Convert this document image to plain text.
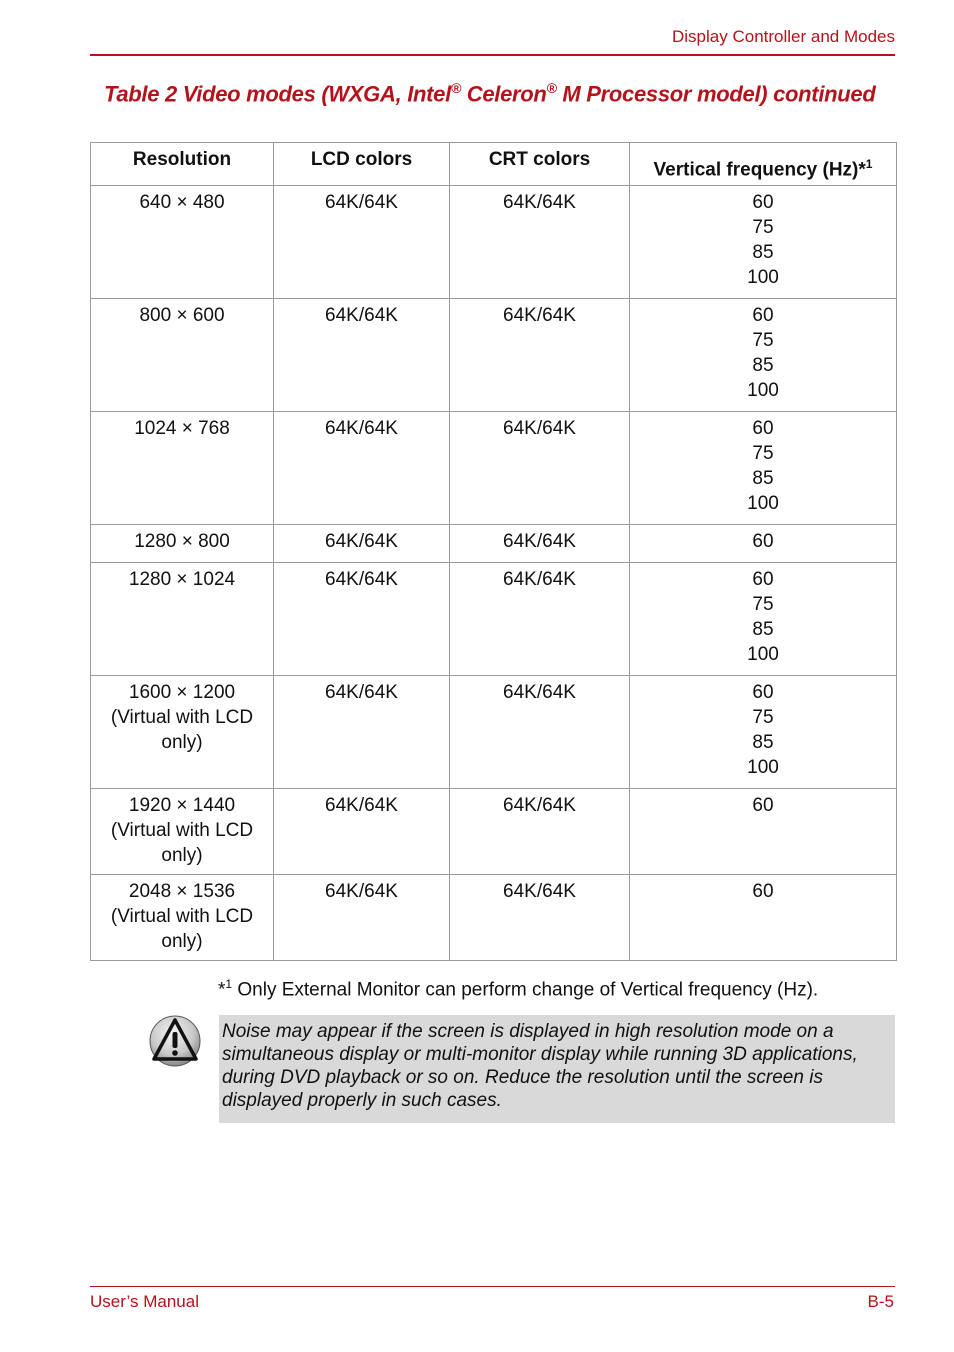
Display Controller and Modes
Table 2 Video modes (WXGA, Intel® Celeron® M Processor model) continued
Resolution	LCD colors	CRT colors	Vertical frequency (Hz)*$^1$
640 × 480	64K/64K	64K/64K	60
75
85
100

800 × 600	64K/64K	64K/64K	60
75
85
100

1024 × 768	64K/64K	64K/64K	60
75
85
100

1280 × 800	64K/64K	64K/64K	60

1280 × 1024	64K/64K	64K/64K	60
75
85
100

1600 × 1200
(Virtual with LCD
only)	64K/64K	64K/64K	60
75
85
100

1920 × 1440
(Virtual with LCD
only)	64K/64K	64K/64K	60

2048 × 1536
(Virtual with LCD
only)	64K/64K	64K/64K	60
*$^1$ Only External Monitor can perform change of Vertical frequency (Hz).
Noise may appear if the screen is displayed in high resolution mode on a simultaneous display or multi-monitor display while running 3D applications, during DVD playback or so on. Reduce the resolution until the screen is displayed properly in such cases.
User’s Manual	B-5
